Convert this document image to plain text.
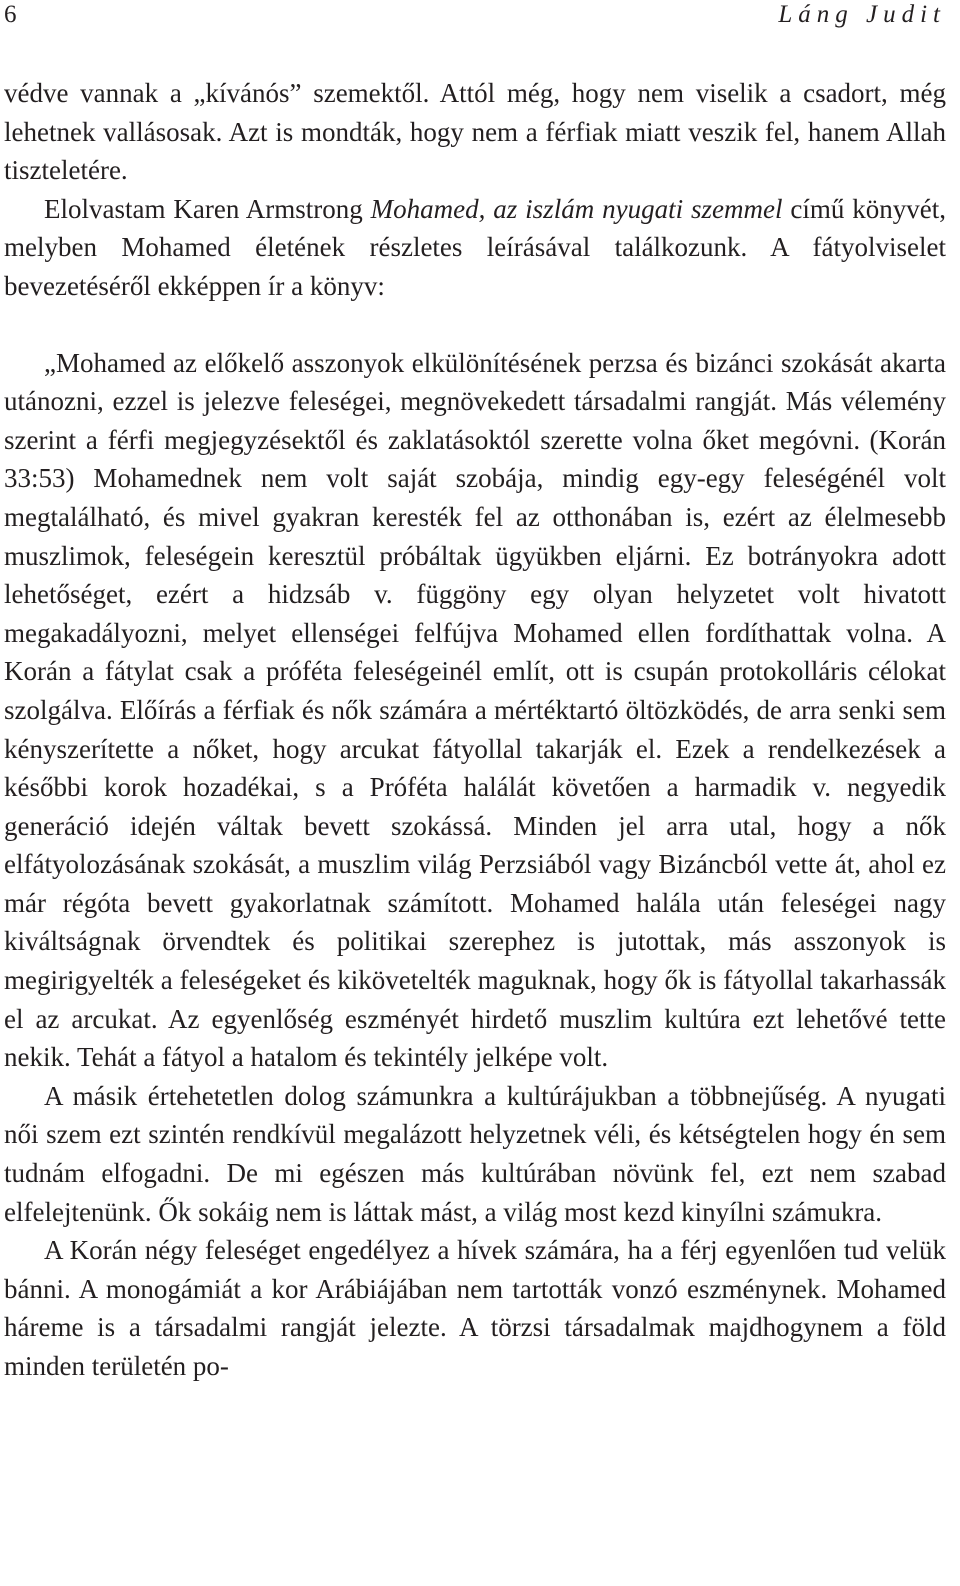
6	Láng Judit

védve vannak a „kívánós” szemektől. Attól még, hogy nem viselik a csadort, még lehetnek vallásosak. Azt is mondták, hogy nem a férfiak miatt veszik fel, hanem Allah tiszteletére.

Elolvastam Karen Armstrong Mohamed, az iszlám nyugati szemmel című könyvét, melyben Mohamed életének részletes leírásával találkozunk. A fátyolviselet bevezetéséről ekképpen ír a könyv:

„Mohamed az előkelő asszonyok elkülönítésének perzsa és bizánci szokását akarta utánozni, ezzel is jelezve feleségei, megnövekedett társadalmi rangját. Más vélemény szerint a férfi megjegyzésektől és zaklatásoktól szerette volna őket megóvni. (Korán 33:53) Mohamednek nem volt saját szobája, mindig egy-egy feleségénél volt megtalálható, és mivel gyakran keresték fel az otthonában is, ezért az élelmesebb muszlimok, feleségein keresztül próbáltak ügyükben eljárni. Ez botrányokra adott lehetőséget, ezért a hidzsáb v. függöny egy olyan helyzetet volt hivatott megakadályozni, melyet ellenségei felfújva Mohamed ellen fordíthattak volna. A Korán a fátylat csak a próféta feleségeinél említ, ott is csupán protokolláris célokat szolgálva. Előírás a férfiak és nők számára a mértéktartó öltözködés, de arra senki sem kényszerítette a nőket, hogy arcukat fátyollal takarják el. Ezek a rendelkezések a későbbi korok hozadékai, s a Próféta halálát követően a harmadik v. negyedik generáció idején váltak bevett szokássá. Minden jel arra utal, hogy a nők elfátyolozásának szokását, a muszlim világ Perzsiából vagy Bizáncból vette át, ahol ez már régóta bevett gyakorlatnak számított. Mohamed halála után feleségei nagy kiváltságnak örvendtek és politikai szerephez is jutottak, más asszonyok is megirigyelték a feleségeket és kikövetelték maguknak, hogy ők is fátyollal takarhassák el az arcukat. Az egyenlőség eszményét hirdető muszlim kultúra ezt lehetővé tette nekik. Tehát a fátyol a hatalom és tekintély jelképe volt.

A másik értehetetlen dolog számunkra a kultúrájukban a többnejűség. A nyugati női szem ezt szintén rendkívül megalázott helyzetnek véli, és kétségtelen hogy én sem tudnám elfogadni. De mi egészen más kultúrában növünk fel, ezt nem szabad elfelejtenünk. Ők sokáig nem is láttak mást, a világ most kezd kinyílni számukra.

A Korán négy feleséget engedélyez a hívek számára, ha a férj egyenlően tud velük bánni. A monogámiát a kor Arábiájában nem tartották vonzó eszménynek. Mohamed háreme is a társadalmi rangját jelezte. A törzsi társadalmak majdhogynem a föld minden területén po-
